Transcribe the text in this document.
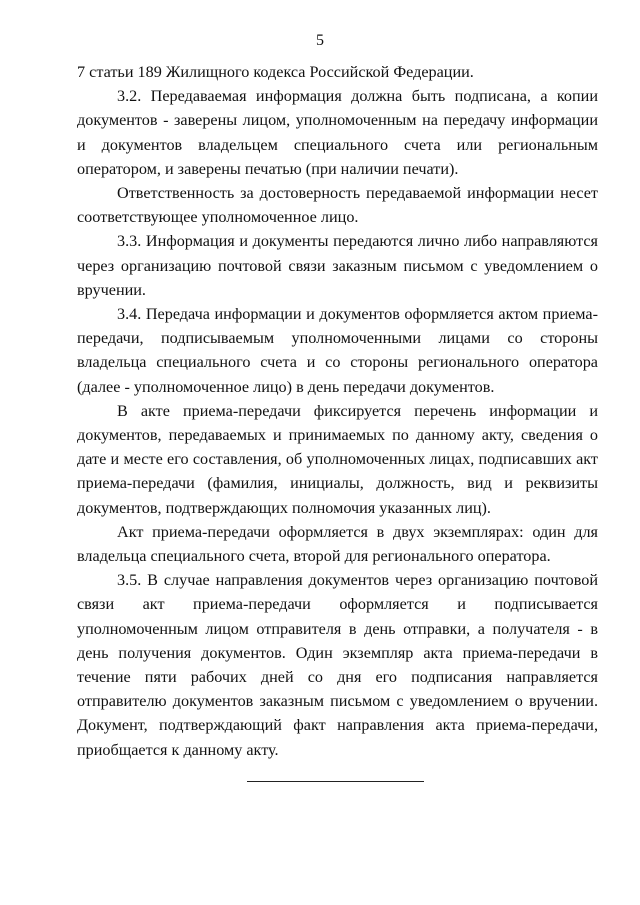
5

7 статьи 189 Жилищного кодекса Российской Федерации.

3.2. Передаваемая информация должна быть подписана, а копии документов - заверены лицом, уполномоченным на передачу информации и документов владельцем специального счета или региональным оператором, и заверены печатью (при наличии печати).

Ответственность за достоверность передаваемой информации несет соответствующее уполномоченное лицо.

3.3. Информация и документы передаются лично либо направляются через организацию почтовой связи заказным письмом с уведомлением о вручении.

3.4. Передача информации и документов оформляется актом приема-передачи, подписываемым уполномоченными лицами со стороны владельца специального счета и со стороны регионального оператора (далее - уполномоченное лицо) в день передачи документов.

В акте приема-передачи фиксируется перечень информации и документов, передаваемых и принимаемых по данному акту, сведения о дате и месте его составления, об уполномоченных лицах, подписавших акт приема-передачи (фамилия, инициалы, должность, вид и реквизиты документов, подтверждающих полномочия указанных лиц).

Акт приема-передачи оформляется в двух экземплярах: один для владельца специального счета, второй для регионального оператора.

3.5. В случае направления документов через организацию почтовой связи акт приема-передачи оформляется и подписывается уполномоченным лицом отправителя в день отправки, а получателя - в день получения документов. Один экземпляр акта приема-передачи в течение пяти рабочих дней со дня его подписания направляется отправителю документов заказным письмом с уведомлением о вручении. Документ, подтверждающий факт направления акта приема-передачи, приобщается к данному акту.
